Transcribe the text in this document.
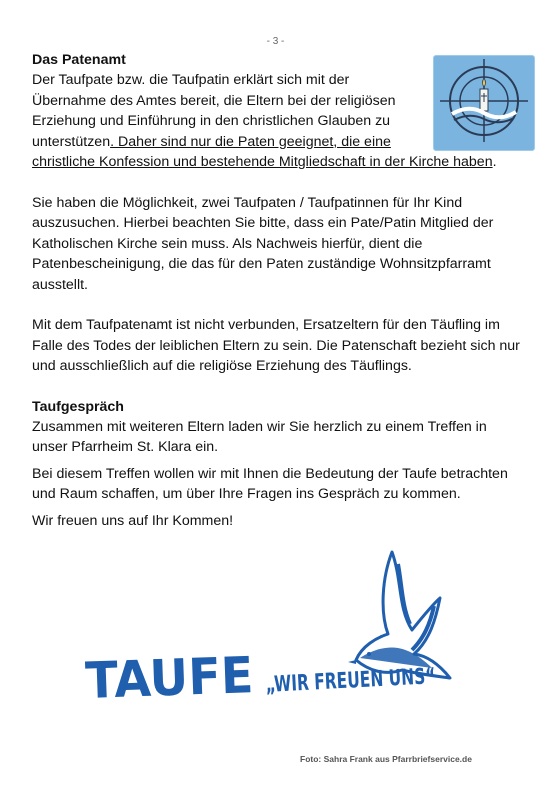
- 3 -
Das Patenamt

Der Taufpate bzw. die Taufpatin erklärt sich mit der
Übernahme des Amtes bereit, die Eltern bei der religiösen
Erziehung und Einführung in den christlichen Glauben zu
unterstützen. Daher sind nur die Paten geeignet, die eine
christliche Konfession und bestehende Mitgliedschaft in der Kirche haben.

Sie haben die Möglichkeit, zwei Taufpaten / Taufpatinnen für Ihr Kind auszusuchen. Hierbei beachten Sie bitte, dass ein Pate/Patin Mitglied der Katholischen Kirche sein muss. Als Nachweis hierfür, dient die Patenbescheinigung, die das für den Paten zuständige Wohnsitzpfarramt ausstellt.

Mit dem Taufpatenamt ist nicht verbunden, Ersatzeltern für den Täufling im Falle des Todes der leiblichen Eltern zu sein. Die Patenschaft bezieht sich nur und ausschließlich auf die religiöse Erziehung des Täuflings.

Taufgespräch

Zusammen mit weiteren Eltern laden wir Sie herzlich zu einem Treffen in unser Pfarrheim St. Klara ein.

Bei diesem Treffen wollen wir mit Ihnen die Bedeutung der Taufe betrachten und Raum schaffen, um über Ihre Fragen ins Gespräch zu kommen.

Wir freuen uns auf Ihr Kommen!

TAUFE „WIR FREUEN UNS“
Foto: Sahra Frank aus Pfarrbriefservice.de
